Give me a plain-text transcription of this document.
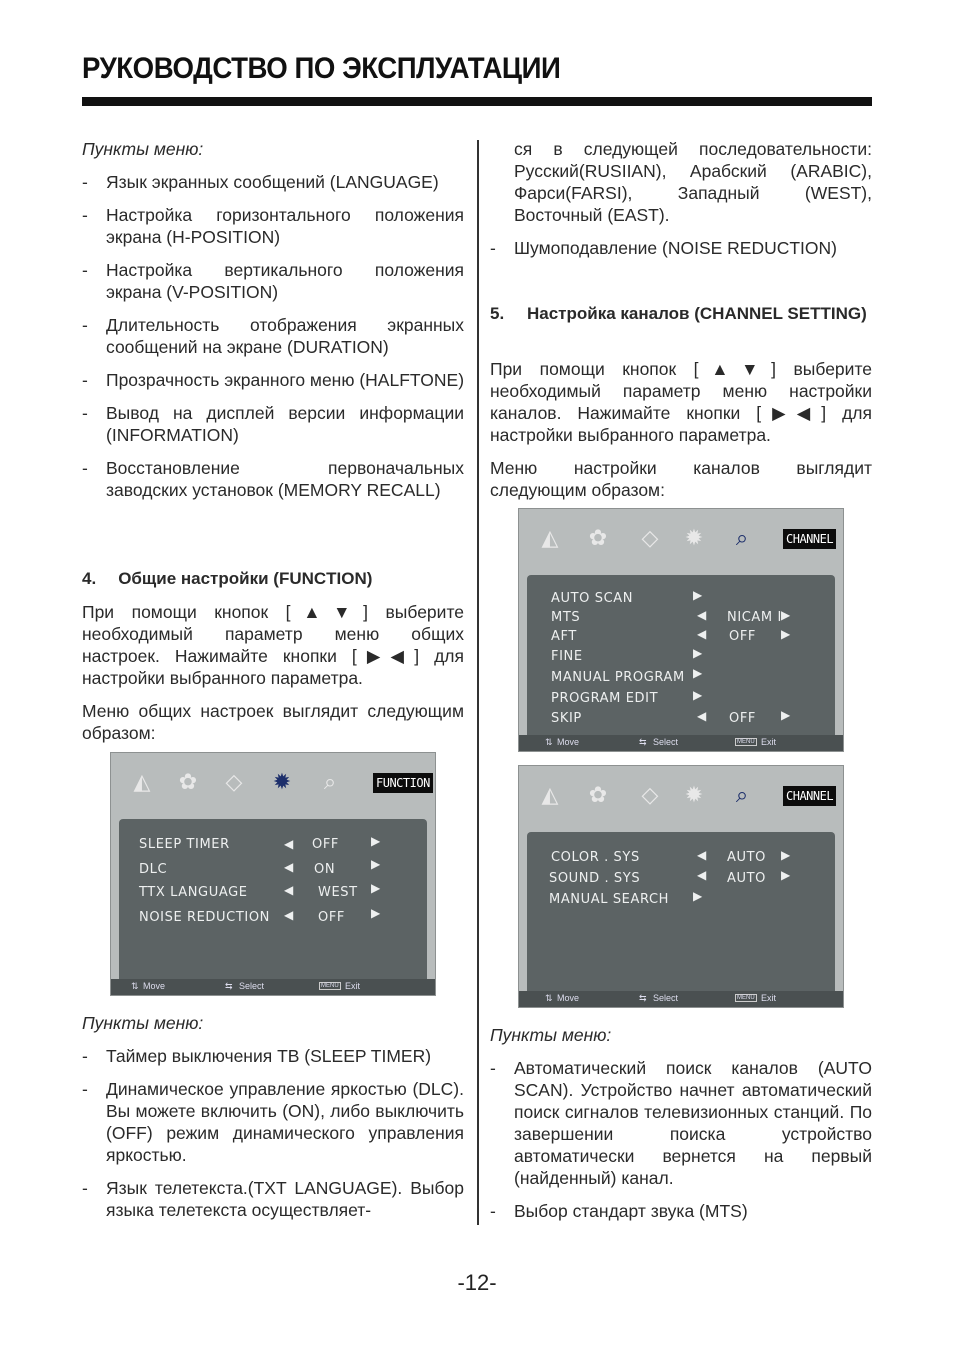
РУКОВОДСТВО ПО ЭКСПЛУАТАЦИИ

Пункты меню:

- Язык экранных сообщений (LANGUAGE)

- Настройка горизонтального положения экрана (H-POSITION)

- Настройка вертикального положения экрана (V-POSITION)

- Длительность отображения экранных сообщений на экране (DURATION)

- Прозрачность экранного меню (HALFTONE)

- Вывод на дисплей версии информации (INFORMATION)

- Восстановление первоначальных заводских установок (MEMORY RECALL)

4. Общие настройки (FUNCTION)

При помощи кнопок [▲▼] выберите необходимый параметр меню общих настроек. Нажимайте кнопки [▶◀] для настройки выбранного параметра.

Меню общих настроек выглядит следующим образом:

◭ ✿ ◇ ✹	⌕	FUNCTION
SLEEP TIMER	◀ OFF	▶
DLC	◀ ON	▶
TTX LANGUAGE	◀ WEST ▶
NOISE REDUCTION ◀ OFF ▶
⇅ Move	⇆ Select	MENU Exit

Пункты меню:

- Таймер выключения ТВ (SLEEP TIMER)

- Динамическое управление яркостью (DLC). Вы можете включить (ON), либо выключить (OFF) режим динамического управления яркостью.

- Язык телетекста.(TXT LANGUAGE). Выбор языка телетекста осуществляет-

ся в следующей последовательности: Русский(RUSIIAN), Арабский (ARABIC), Фарси(FARSI), Западный (WEST), Восточный (EAST).

- Шумоподавление (NOISE REDUCTION)

5.	Настройка каналов (CHANNEL SETTING)

При помощи кнопок [▲▼] выберите необходимый параметр меню настройки каналов. Нажимайте кнопки [▶◀] для настройки выбранного параметра.

Меню настройки каналов выглядит следующим образом:

◭ ✿ ◇ ✹	⌕	CHANNEL
AUTO SCAN	▶
MTS	◀ NICAM I ▶
AFT	◀ OFF ▶
FINE	▶
MANUAL PROGRAM ▶
PROGRAM EDIT	▶
SKIP	◀ OFF ▶
⇅ Move	⇆ Select	MENU Exit
◭ ✿ ◇ ✹	⌕	CHANNEL
COLOR . SYS	◀ AUTO ▶
SOUND . SYS	◀ AUTO ▶
MANUAL SEARCH ▶
⇅ Move	⇆ Select	MENU Exit

Пункты меню:

- Автоматический поиск каналов (AUTO SCAN). Устройство начнет автоматический поиск сигналов телевизионных станций. По завершении поиска устройство автоматически вернется на первый (найденный) канал.

- Выбор стандарт звука (MTS)

-12-
